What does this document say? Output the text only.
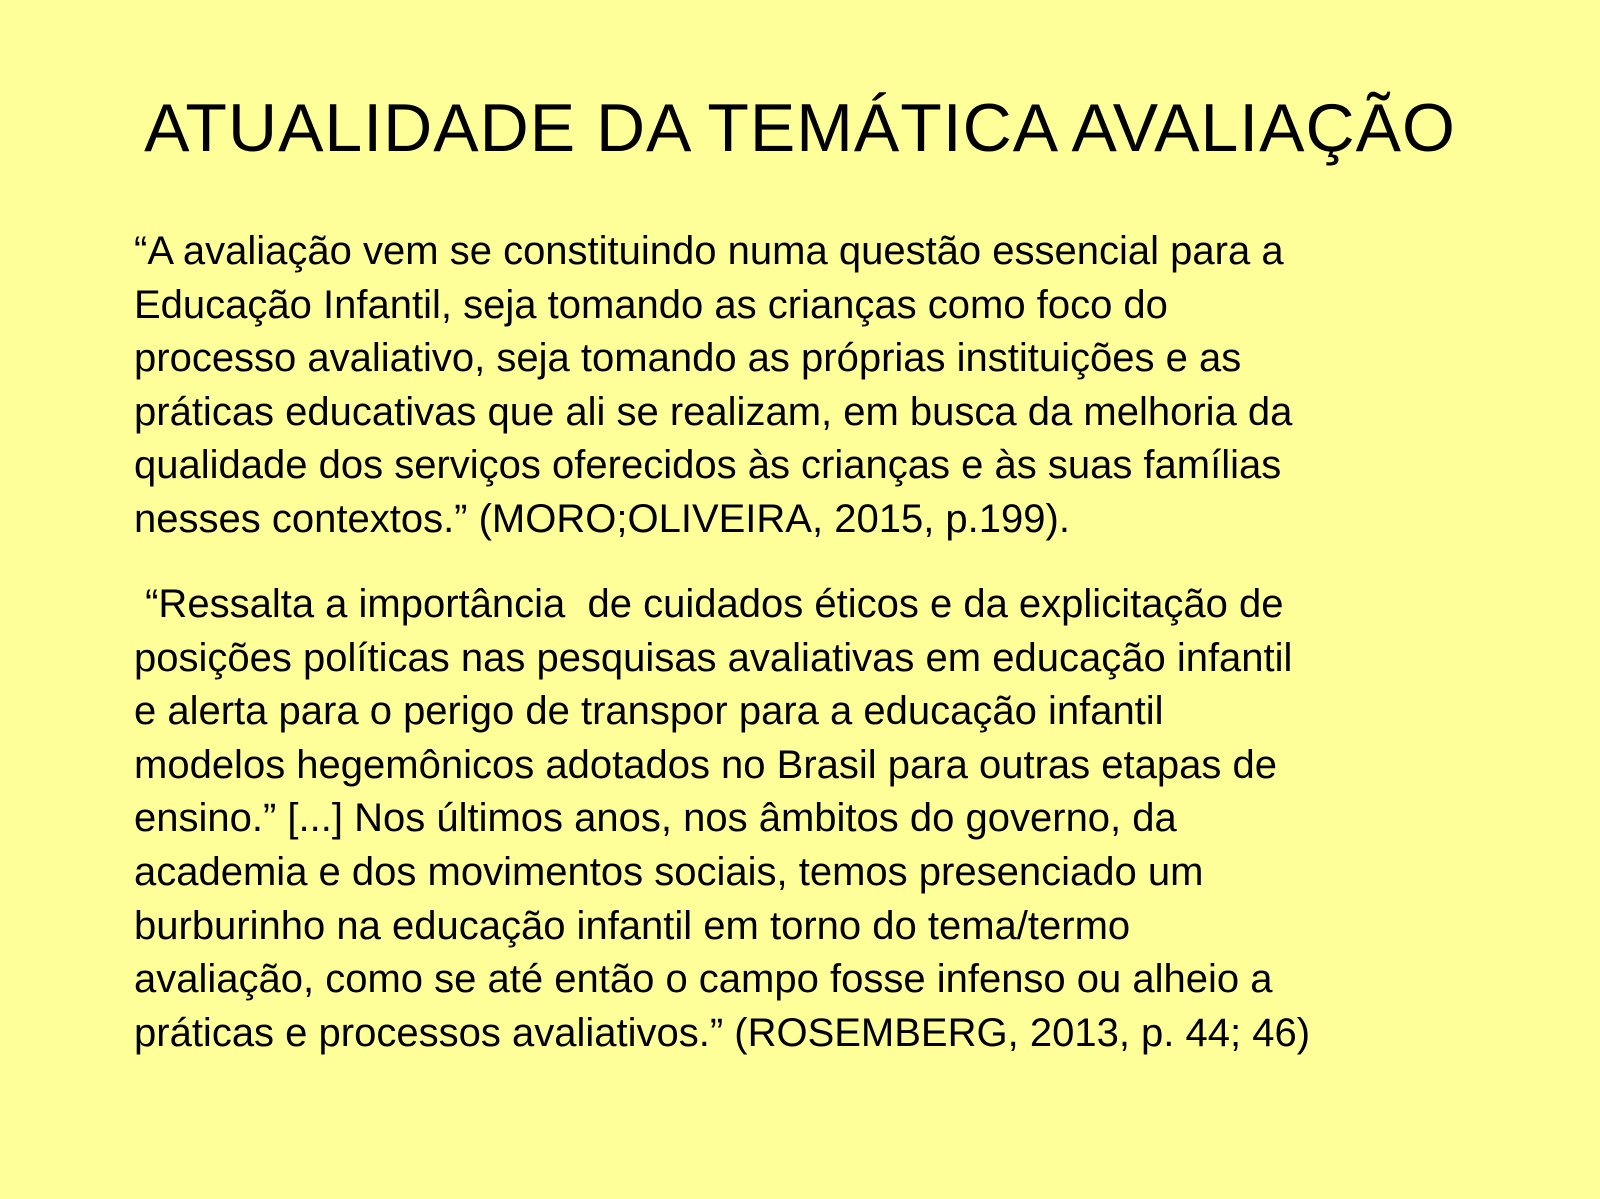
ATUALIDADE DA TEMÁTICA AVALIAÇÃO
“A avaliação vem se constituindo numa questão essencial para a
Educação Infantil, seja tomando as crianças como foco do
processo avaliativo, seja tomando as próprias instituições e as
práticas educativas que ali se realizam, em busca da melhoria da
qualidade dos serviços oferecidos às crianças e às suas famílias
nesses contextos.” (MORO;OLIVEIRA, 2015, p.199).
“Ressalta a importância  de cuidados éticos e da explicitação de
posições políticas nas pesquisas avaliativas em educação infantil
e alerta para o perigo de transpor para a educação infantil
modelos hegemônicos adotados no Brasil para outras etapas de
ensino.” [...] Nos últimos anos, nos âmbitos do governo, da
academia e dos movimentos sociais, temos presenciado um
burburinho na educação infantil em torno do tema/termo
avaliação, como se até então o campo fosse infenso ou alheio a
práticas e processos avaliativos.” (ROSEMBERG, 2013, p. 44; 46)
